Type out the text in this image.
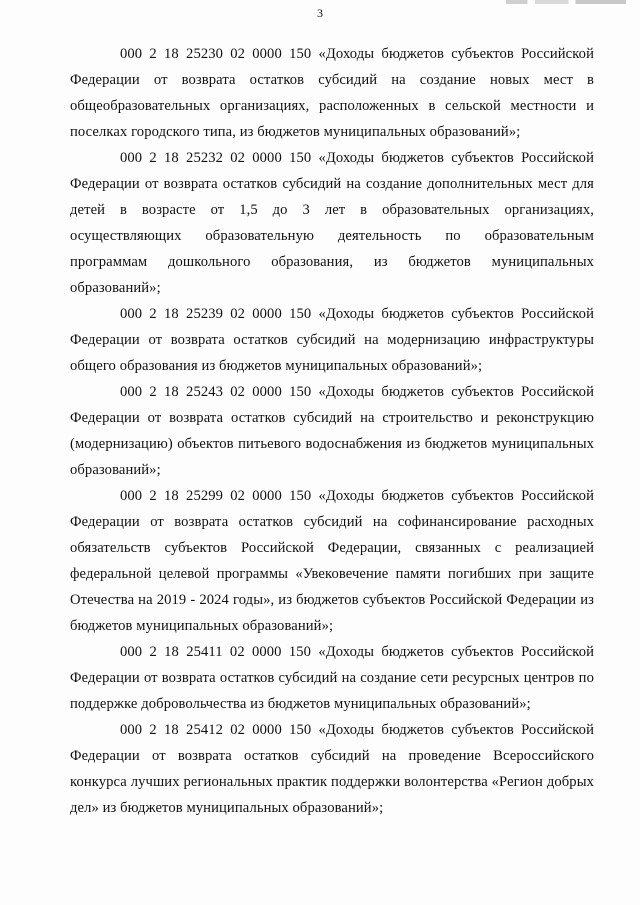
3

000 2 18 25230 02 0000 150 «Доходы бюджетов субъектов Российской Федерации от возврата остатков субсидий на создание новых мест в общеобразовательных организациях, расположенных в сельской местности и поселках городского типа, из бюджетов муниципальных образований»;

000 2 18 25232 02 0000 150 «Доходы бюджетов субъектов Российской Федерации от возврата остатков субсидий на создание дополнительных мест для детей в возрасте от 1,5 до 3 лет в образовательных организациях, осуществляющих образовательную деятельность по образовательным программам дошкольного образования, из бюджетов муниципальных образований»;

000 2 18 25239 02 0000 150 «Доходы бюджетов субъектов Российской Федерации от возврата остатков субсидий на модернизацию инфраструктуры общего образования из бюджетов муниципальных образований»;

000 2 18 25243 02 0000 150 «Доходы бюджетов субъектов Российской Федерации от возврата остатков субсидий на строительство и реконструкцию (модернизацию) объектов питьевого водоснабжения из бюджетов муниципальных образований»;

000 2 18 25299 02 0000 150 «Доходы бюджетов субъектов Российской Федерации от возврата остатков субсидий на софинансирование расходных обязательств субъектов Российской Федерации, связанных с реализацией федеральной целевой программы «Увековечение памяти погибших при защите Отечества на 2019 - 2024 годы», из бюджетов субъектов Российской Федерации из бюджетов муниципальных образований»;

000 2 18 25411 02 0000 150 «Доходы бюджетов субъектов Российской Федерации от возврата остатков субсидий на создание сети ресурсных центров по поддержке добровольчества из бюджетов муниципальных образований»;

000 2 18 25412 02 0000 150 «Доходы бюджетов субъектов Российской Федерации от возврата остатков субсидий на проведение Всероссийского конкурса лучших региональных практик поддержки волонтерства «Регион добрых дел» из бюджетов муниципальных образований»;
